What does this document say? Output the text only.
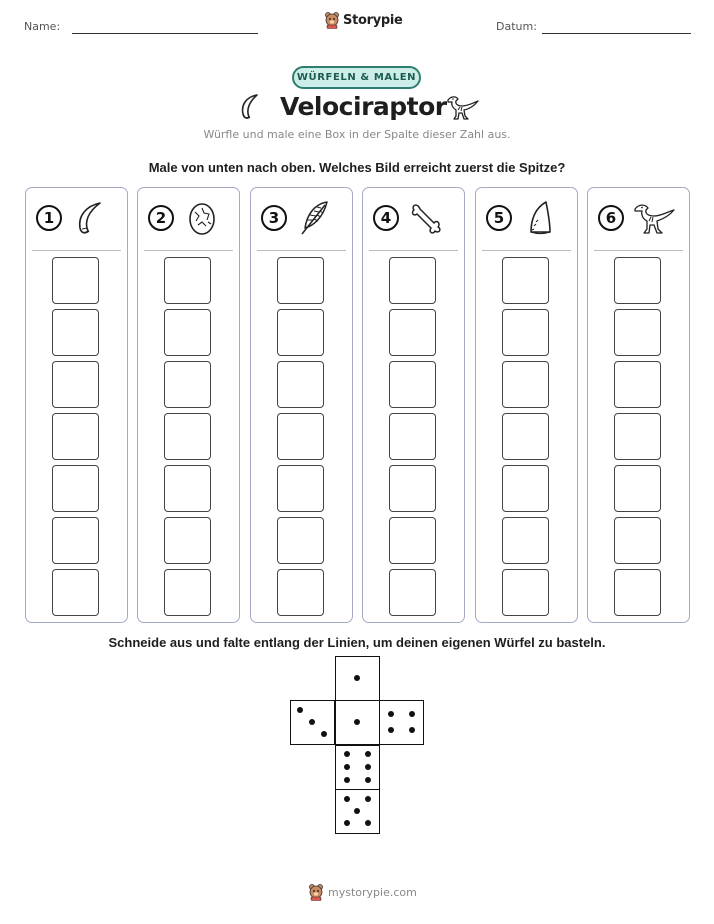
Name:	Datum:
Storypie
WÜRFELN & MALEN
Velociraptor
Würfle und male eine Box in der Spalte dieser Zahl aus.
Male von unten nach oben. Welches Bild erreicht zuerst die Spitze?
1	2	3	4	5	6
Schneide aus und falte entlang der Linien, um deinen eigenen Würfel zu basteln.
mystorypie.com
